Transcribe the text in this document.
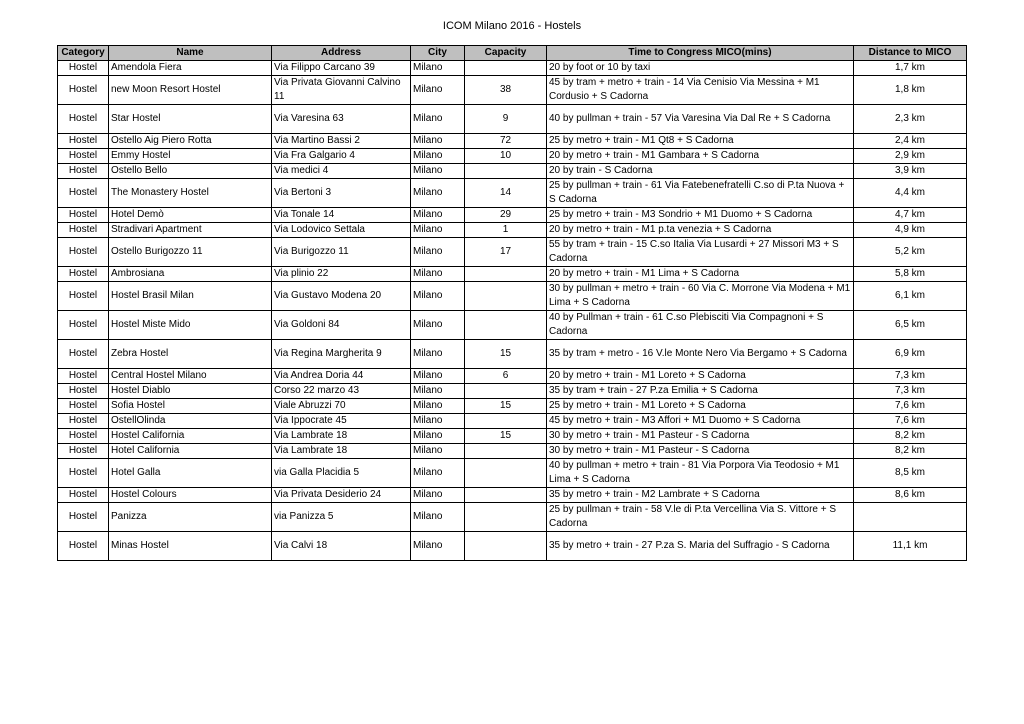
ICOM Milano 2016 - Hostels
Category	Name	Address	City	Capacity	Time to Congress MICO(mins)	Distance to MICO
Hostel	Amendola Fiera	Via Filippo Carcano 39	Milano		20 by foot or 10 by taxi	1,7 km
Hostel	new Moon Resort Hostel	Via Privata Giovanni Calvino 11	Milano	38	45 by tram + metro + train - 14 Via Cenisio Via Messina + M1 Cordusio + S Cadorna	1,8 km
Hostel	Star Hostel	Via Varesina 63	Milano	9	40 by pullman + train - 57 Via Varesina Via Dal Re + S Cadorna	2,3 km
Hostel	Ostello Aig Piero Rotta	Via Martino Bassi 2	Milano	72	25 by metro + train - M1 Qt8 + S Cadorna	2,4 km
Hostel	Emmy Hostel	Via Fra Galgario 4	Milano	10	20 by metro + train - M1 Gambara + S Cadorna	2,9 km
Hostel	Ostello Bello	Via medici 4	Milano		20 by train - S Cadorna	3,9 km
Hostel	The Monastery Hostel	Via Bertoni 3	Milano	14	25 by pullman + train - 61 Via Fatebenefratelli C.so di P.ta Nuova + S Cadorna	4,4 km
Hostel	Hotel Demò	Via Tonale 14	Milano	29	25 by metro + train - M3 Sondrio + M1 Duomo + S Cadorna	4,7 km
Hostel	Stradivari Apartment	Via Lodovico Settala	Milano	1	20 by metro + train - M1 p.ta venezia + S Cadorna	4,9 km
Hostel	Ostello Burigozzo 11	Via Burigozzo 11	Milano	17	55 by tram + train - 15 C.so Italia Via Lusardi + 27 Missori M3 + S Cadorna	5,2 km
Hostel	Ambrosiana	Via plinio 22	Milano		20 by metro + train - M1 Lima + S Cadorna	5,8 km
Hostel	Hostel Brasil Milan	Via Gustavo Modena 20	Milano		30 by pullman + metro + train - 60 Via C. Morrone Via Modena + M1 Lima + S Cadorna	6,1 km
Hostel	Hostel Miste Mido	Via Goldoni 84	Milano		40 by Pullman + train - 61 C.so Plebisciti Via Compagnoni + S Cadorna	6,5 km
Hostel	Zebra Hostel	Via Regina Margherita 9	Milano	15	35 by tram + metro - 16 V.le Monte Nero Via Bergamo + S Cadorna	6,9 km
Hostel	Central Hostel Milano	Via Andrea Doria 44	Milano	6	20 by metro + train - M1 Loreto + S Cadorna	7,3 km
Hostel	Hostel Diablo	Corso 22 marzo 43	Milano		35 by tram + train - 27 P.za Emilia + S Cadorna	7,3 km
Hostel	Sofia Hostel	Viale Abruzzi 70	Milano	15	25 by metro + train - M1 Loreto + S Cadorna	7,6 km
Hostel	OstellOlinda	Via Ippocrate 45	Milano		45 by metro + train - M3 Affori + M1 Duomo + S Cadorna	7,6 km
Hostel	Hostel California	Via Lambrate 18	Milano	15	30 by metro + train - M1 Pasteur - S Cadorna	8,2 km
Hostel	Hotel California	Via Lambrate 18	Milano		30 by metro + train - M1 Pasteur - S Cadorna	8,2 km
Hostel	Hotel Galla	via Galla Placidia 5	Milano		40 by pullman + metro + train - 81 Via Porpora Via Teodosio + M1 Lima + S Cadorna	8,5 km
Hostel	Hostel Colours	Via Privata Desiderio 24	Milano		35 by metro + train - M2 Lambrate + S Cadorna	8,6 km
Hostel	Panizza	via Panizza 5	Milano		25 by pullman + train - 58 V.le di P.ta Vercellina Via S. Vittore + S Cadorna	
Hostel	Minas Hostel	Via Calvi 18	Milano		35 by metro + train - 27 P.za S. Maria del Suffragio - S Cadorna	11,1 km
